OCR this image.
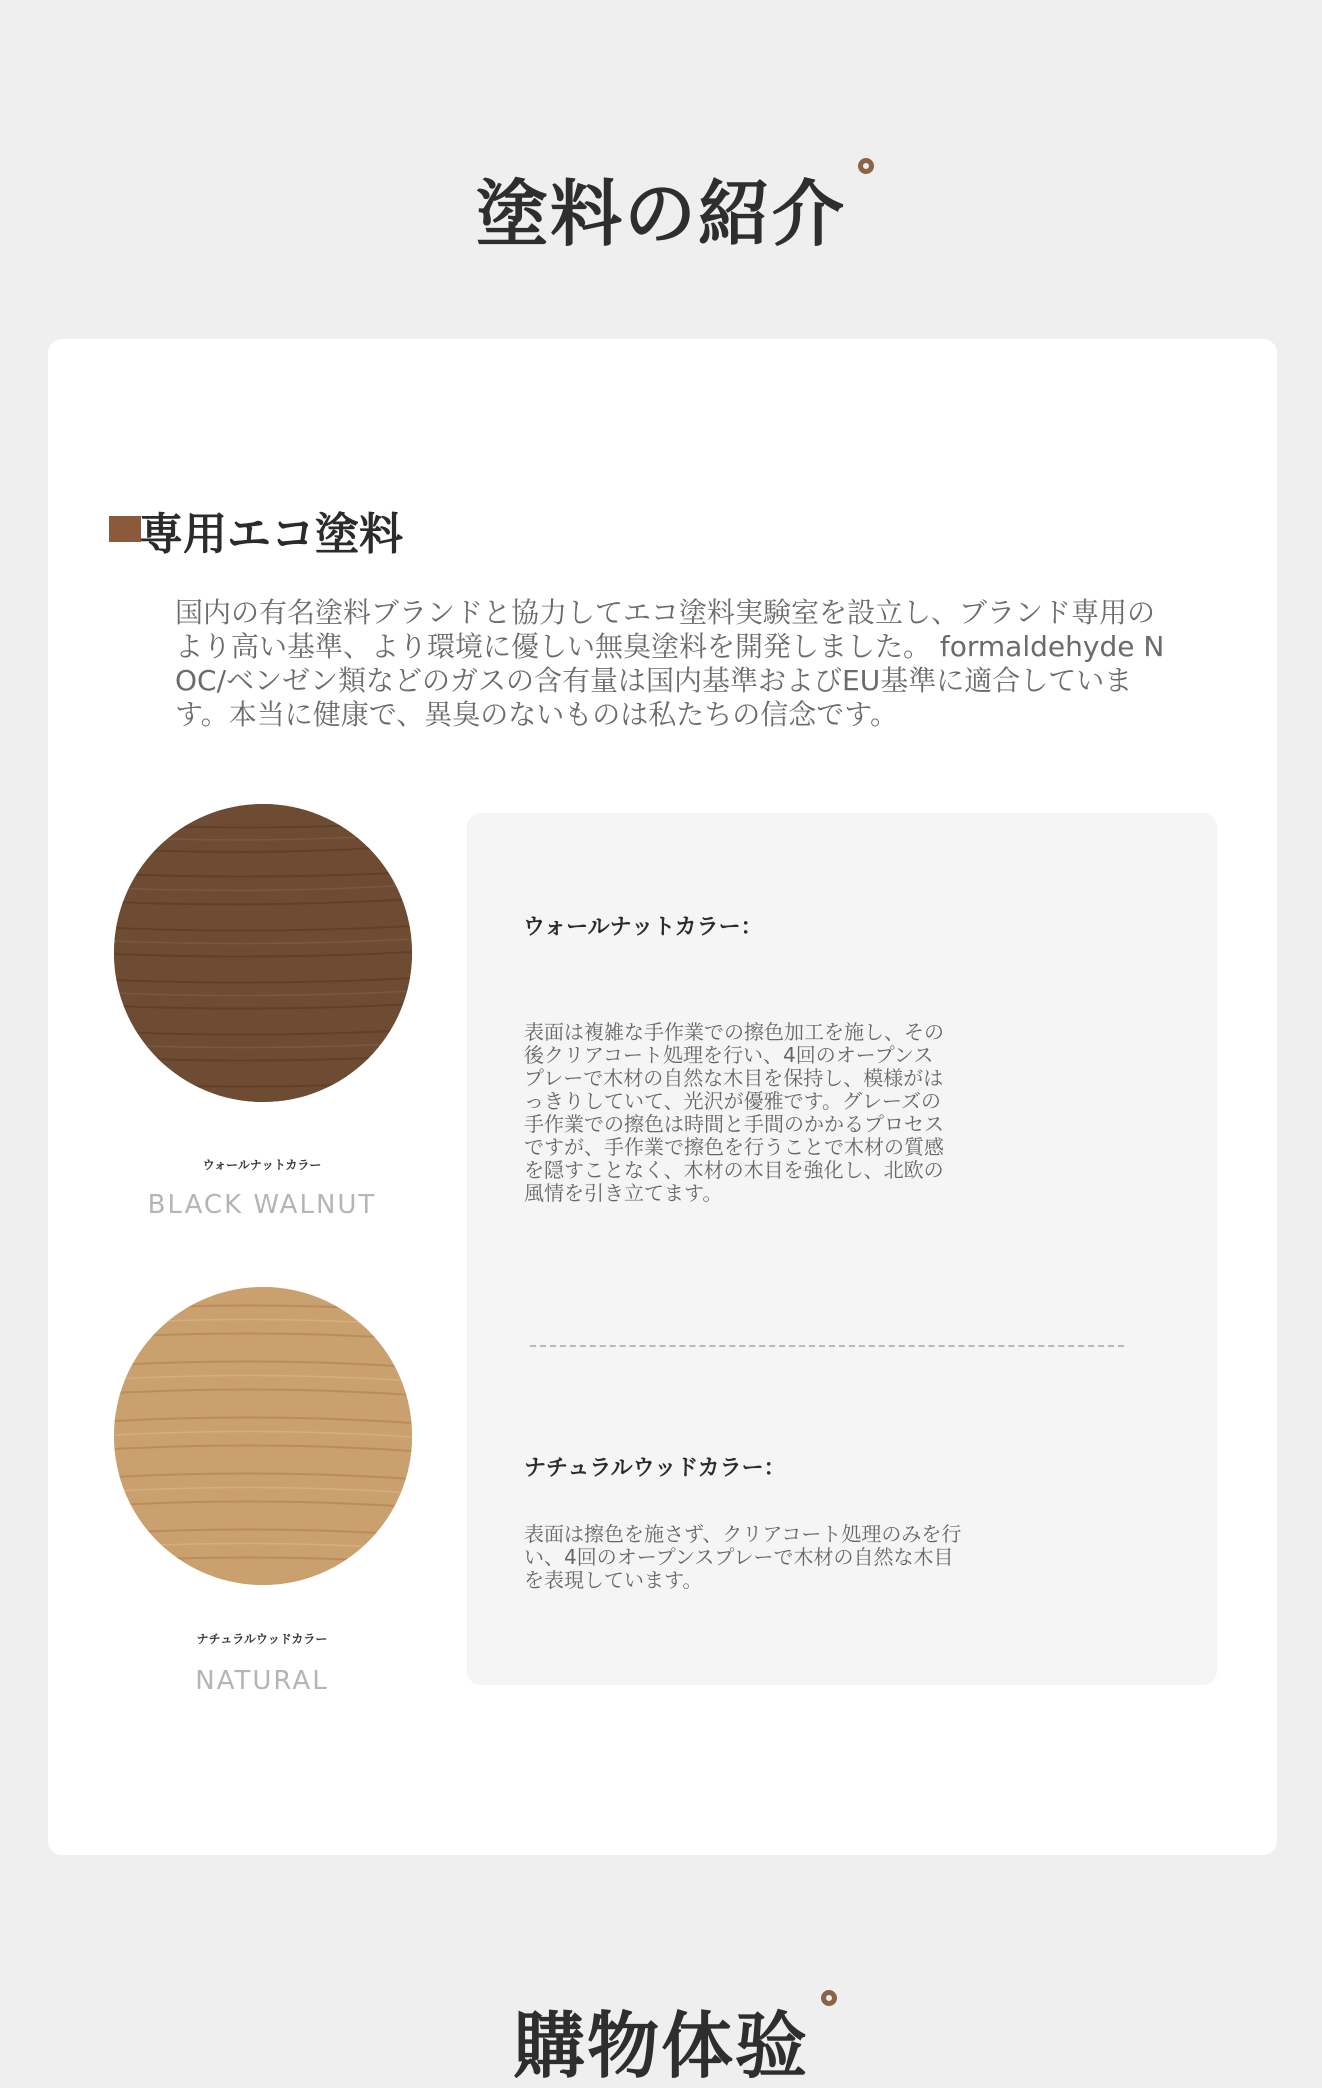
塗料の紹介
専用エコ塗料
国内の有名塗料ブランドと協力してエコ塗料実験室を設立し、ブランド専用のより高い基準、より環境に優しい無臭塗料を開発しました。 formaldehyde NOC/ベンゼン類などのガスの含有量は国内基準およびEU基準に適合しています。本当に健康で、異臭のないものは私たちの信念です。
ウォールナットカラー
BLACK WALNUT
ナチュラルウッドカラー
NATURAL
ウォールナットカラー：
表面は複雑な手作業での擦色加工を施し、その後クリアコート処理を行い、4回のオープンスプレーで木材の自然な木目を保持し、模様がはっきりしていて、光沢が優雅です。グレーズの手作業での擦色は時間と手間のかかるプロセスですが、手作業で擦色を行うことで木材の質感を隠すことなく、木材の木目を強化し、北欧の風情を引き立てます。
ナチュラルウッドカラー：
表面は擦色を施さず、クリアコート処理のみを行い、4回のオープンスプレーで木材の自然な木目を表現しています。
購物体验
